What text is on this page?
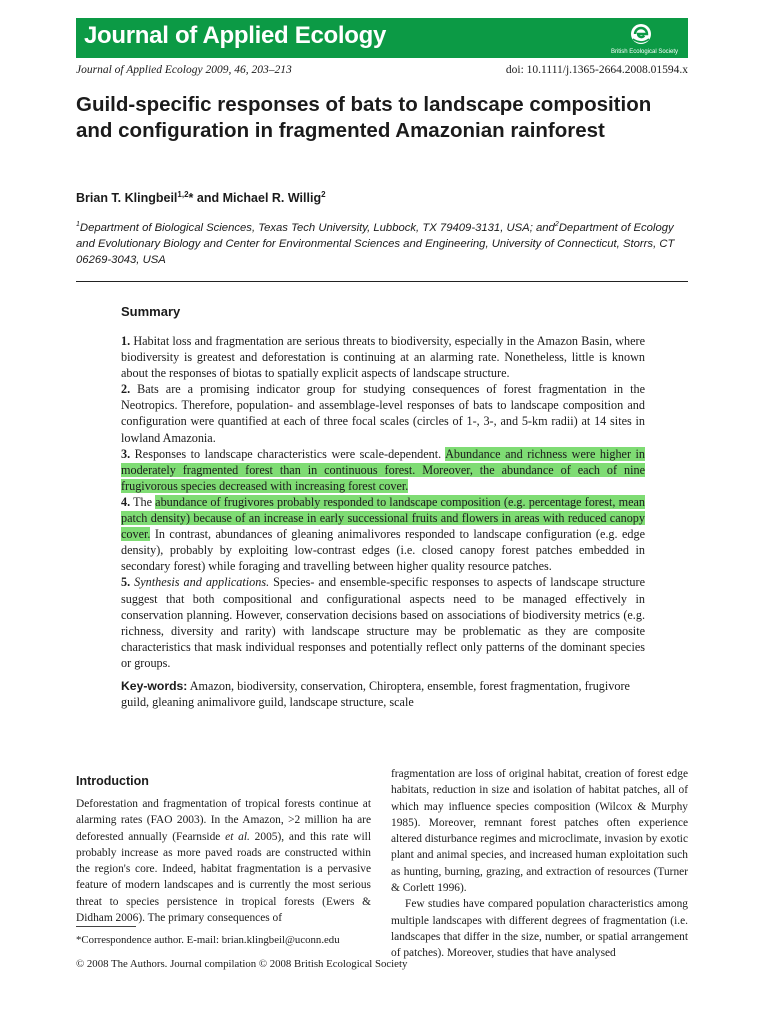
Journal of Applied Ecology
British Ecological Society
Journal of Applied Ecology 2009, 46, 203–213	doi: 10.1111/j.1365-2664.2008.01594.x
Guild-specific responses of bats to landscape composition and configuration in fragmented Amazonian rainforest
Brian T. Klingbeil$^{1,2}$* and Michael R. Willig$^2$
$^1$Department of Biological Sciences, Texas Tech University, Lubbock, TX 79409-3131, USA; and$^2$Department of Ecology and Evolutionary Biology and Center for Environmental Sciences and Engineering, University of Connecticut, Storrs, CT 06269-3043, USA
Summary
1. Habitat loss and fragmentation are serious threats to biodiversity, especially in the Amazon Basin, where biodiversity is greatest and deforestation is continuing at an alarming rate. Nonetheless, little is known about the responses of biotas to spatially explicit aspects of landscape structure.
2. Bats are a promising indicator group for studying consequences of forest fragmentation in the Neotropics. Therefore, population- and assemblage-level responses of bats to landscape composition and configuration were quantified at each of three focal scales (circles of 1-, 3-, and 5-km radii) at 14 sites in lowland Amazonia.
3. Responses to landscape characteristics were scale-dependent. Abundance and richness were higher in moderately fragmented forest than in continuous forest. Moreover, the abundance of each of nine frugivorous species decreased with increasing forest cover.
4. The abundance of frugivores probably responded to landscape composition (e.g. percentage forest, mean patch density) because of an increase in early successional fruits and flowers in areas with reduced canopy cover. In contrast, abundances of gleaning animalivores responded to landscape configuration (e.g. edge density), probably by exploiting low-contrast edges (i.e. closed canopy forest patches embedded in secondary forest) while foraging and travelling between higher quality resource patches.
5. Synthesis and applications. Species- and ensemble-specific responses to aspects of landscape structure suggest that both compositional and configurational aspects need to be managed effectively in conservation planning. However, conservation decisions based on associations of biodiversity metrics (e.g. richness, diversity and rarity) with landscape structure may be problematic as they are composite characteristics that mask individual responses and potentially reflect only patterns of the dominant species or groups.
Key-words: Amazon, biodiversity, conservation, Chiroptera, ensemble, forest fragmentation, frugivore guild, gleaning animalivore guild, landscape structure, scale
Introduction

Deforestation and fragmentation of tropical forests continue at alarming rates (FAO 2003). In the Amazon, >2 million ha are deforested annually (Fearnside et al. 2005), and this rate will probably increase as more paved roads are constructed within the region's core. Indeed, habitat fragmentation is a pervasive feature of modern landscapes and is currently the most serious threat to species persistence in tropical forests (Ewers & Didham 2006). The primary consequences of

fragmentation are loss of original habitat, creation of forest edge habitats, reduction in size and isolation of habitat patches, all of which may influence species composition (Wilcox & Murphy 1985). Moreover, remnant forest patches often experience altered disturbance regimes and microclimate, invasion by exotic plant and animal species, and increased human exploitation such as hunting, burning, grazing, and extraction of resources (Turner & Corlett 1996).

Few studies have compared population characteristics among multiple landscapes with different degrees of fragmentation (i.e. landscapes that differ in the size, number, or spatial arrangement of patches). Moreover, studies that have analysed

*Correspondence author. E-mail: brian.klingbeil@uconn.edu
© 2008 The Authors. Journal compilation © 2008 British Ecological Society
